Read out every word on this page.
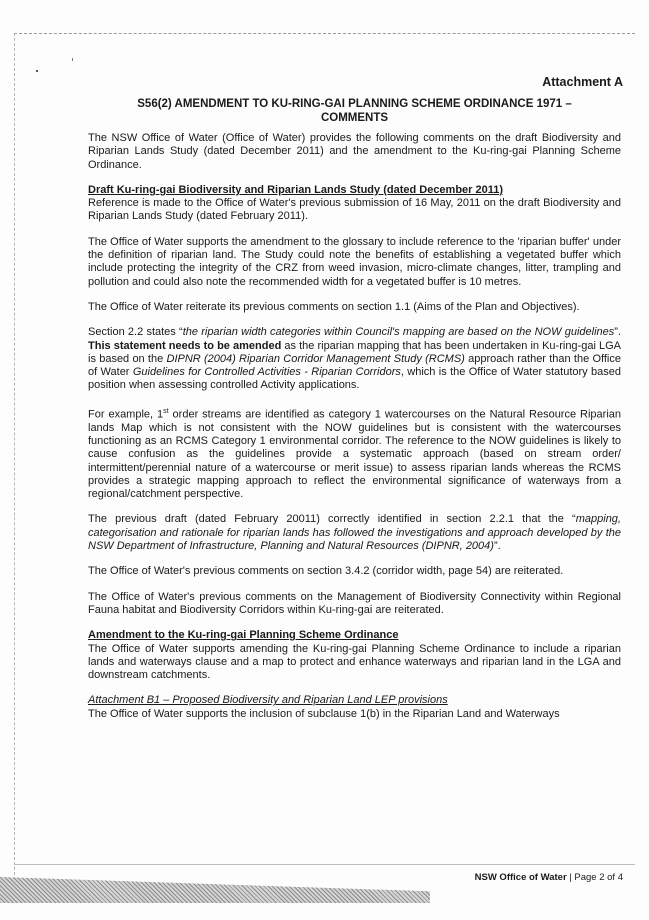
Attachment A
S56(2) AMENDMENT TO KU-RING-GAI PLANNING SCHEME ORDINANCE 1971 –
COMMENTS

The NSW Office of Water (Office of Water) provides the following comments on the draft Biodiversity and Riparian Lands Study (dated December 2011) and the amendment to the Ku-ring-gai Planning Scheme Ordinance.

Draft Ku-ring-gai Biodiversity and Riparian Lands Study (dated December 2011)

Reference is made to the Office of Water's previous submission of 16 May, 2011 on the draft Biodiversity and Riparian Lands Study (dated February 2011).

The Office of Water supports the amendment to the glossary to include reference to the 'riparian buffer' under the definition of riparian land. The Study could note the benefits of establishing a vegetated buffer which include protecting the integrity of the CRZ from weed invasion, micro-climate changes, litter, trampling and pollution and could also note the recommended width for a vegetated buffer is 10 metres.

The Office of Water reiterate its previous comments on section 1.1 (Aims of the Plan and Objectives).

Section 2.2 states “the riparian width categories within Council's mapping are based on the NOW guidelines”. This statement needs to be amended as the riparian mapping that has been undertaken in Ku-ring-gai LGA is based on the DIPNR (2004) Riparian Corridor Management Study (RCMS) approach rather than the Office of Water Guidelines for Controlled Activities - Riparian Corridors, which is the Office of Water statutory based position when assessing controlled Activity applications.

For example, 1st order streams are identified as category 1 watercourses on the Natural Resource Riparian lands Map which is not consistent with the NOW guidelines but is consistent with the watercourses functioning as an RCMS Category 1 environmental corridor. The reference to the NOW guidelines is likely to cause confusion as the guidelines provide a systematic approach (based on stream order/ intermittent/perennial nature of a watercourse or merit issue) to assess riparian lands whereas the RCMS provides a strategic mapping approach to reflect the environmental significance of waterways from a regional/catchment perspective.

The previous draft (dated February 20011) correctly identified in section 2.2.1 that the “mapping, categorisation and rationale for riparian lands has followed the investigations and approach developed by the NSW Department of Infrastructure, Planning and Natural Resources (DIPNR, 2004)”.

The Office of Water's previous comments on section 3.4.2 (corridor width, page 54) are reiterated.

The Office of Water's previous comments on the Management of Biodiversity Connectivity within Regional Fauna habitat and Biodiversity Corridors within Ku-ring-gai are reiterated.

Amendment to the Ku-ring-gai Planning Scheme Ordinance

The Office of Water supports amending the Ku-ring-gai Planning Scheme Ordinance to include a riparian lands and waterways clause and a map to protect and enhance waterways and riparian land in the LGA and downstream catchments.

Attachment B1 – Proposed Biodiversity and Riparian Land LEP provisions

The Office of Water supports the inclusion of subclause 1(b) in the Riparian Land and Waterways

NSW Office of Water | Page 2 of 4
